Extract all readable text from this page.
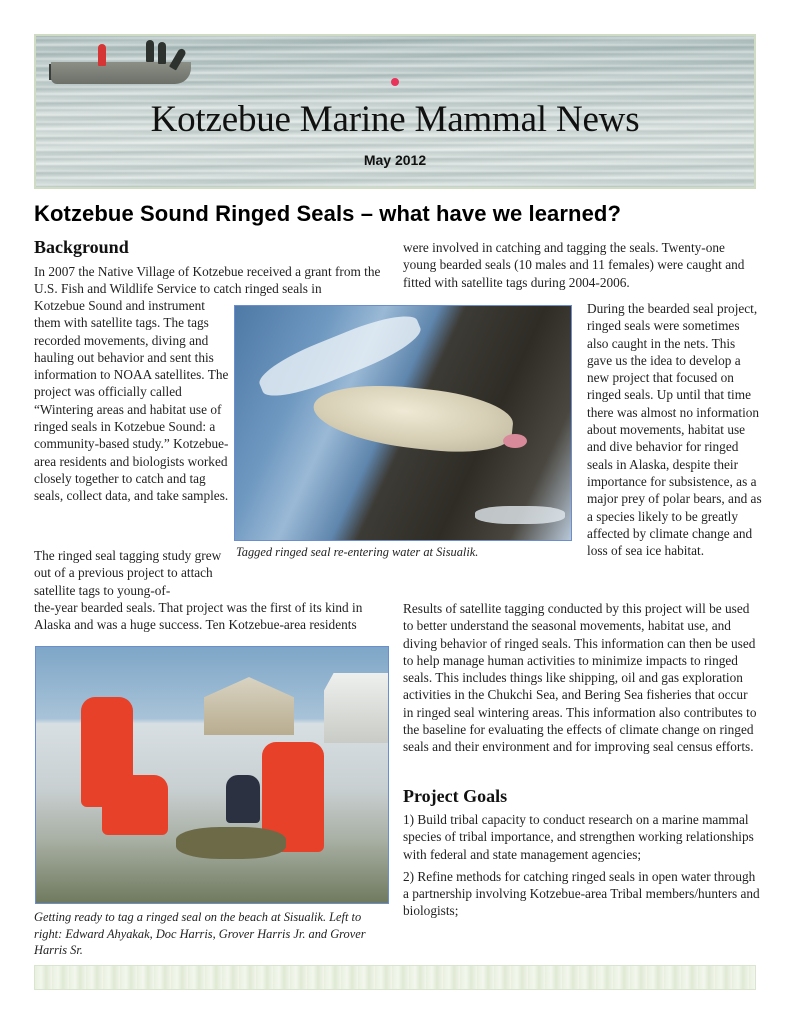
Kotzebue Marine Mammal News
May 2012
Kotzebue Sound Ringed Seals – what have we learned?
Background
In 2007 the Native Village of Kotzebue received a grant from the U.S. Fish and Wildlife Service to catch ringed seals in
Kotzebue Sound and instrument them with satellite tags. The tags recorded movements, diving and hauling out behavior and sent this information to NOAA satellites. The project was officially called “Wintering areas and habitat use of ringed seals in Kotzebue Sound: a community-based study.” Kotzebue-area residents and biologists worked closely together to catch and tag seals, collect data, and take samples.
The ringed seal tagging study grew out of a previous project to attach satellite tags to young-of-
the-year bearded seals. That project was the first of its kind in Alaska and was a huge success. Ten Kotzebue-area residents
Tagged ringed seal re-entering water at Sisualik.
were involved in catching and tagging the seals. Twenty-one young bearded seals (10 males and 11 females) were caught and fitted with satellite tags during 2004-2006.
During the bearded seal project, ringed seals were sometimes also caught in the nets. This gave us the idea to develop a new project that focused on ringed seals. Up until that time there was almost no information about movements, habitat use and dive behavior for ringed seals in Alaska, despite their importance for subsistence, as a major prey of polar bears, and as a species likely to be greatly affected by climate change and loss of sea ice habitat.
Results of satellite tagging conducted by this project will be used to better understand the seasonal movements, habitat use, and diving behavior of ringed seals. This information can then be used to help manage human activities to minimize impacts to ringed seals. This includes things like shipping, oil and gas exploration activities in the Chukchi Sea, and Bering Sea fisheries that occur in ringed seal wintering areas. This information also contributes to the baseline for evaluating the effects of climate change on ringed seals and their environment and for improving seal census efforts.
Project Goals
1) Build tribal capacity to conduct research on a marine mammal species of tribal importance, and strengthen working relationships with federal and state management agencies;
2) Refine methods for catching ringed seals in open water through a partnership involving Kotzebue-area Tribal members/hunters and biologists;
Getting ready to tag a ringed seal on the beach at Sisualik. Left to right: Edward Ahyakak, Doc Harris, Grover Harris Jr. and Grover Harris Sr.
